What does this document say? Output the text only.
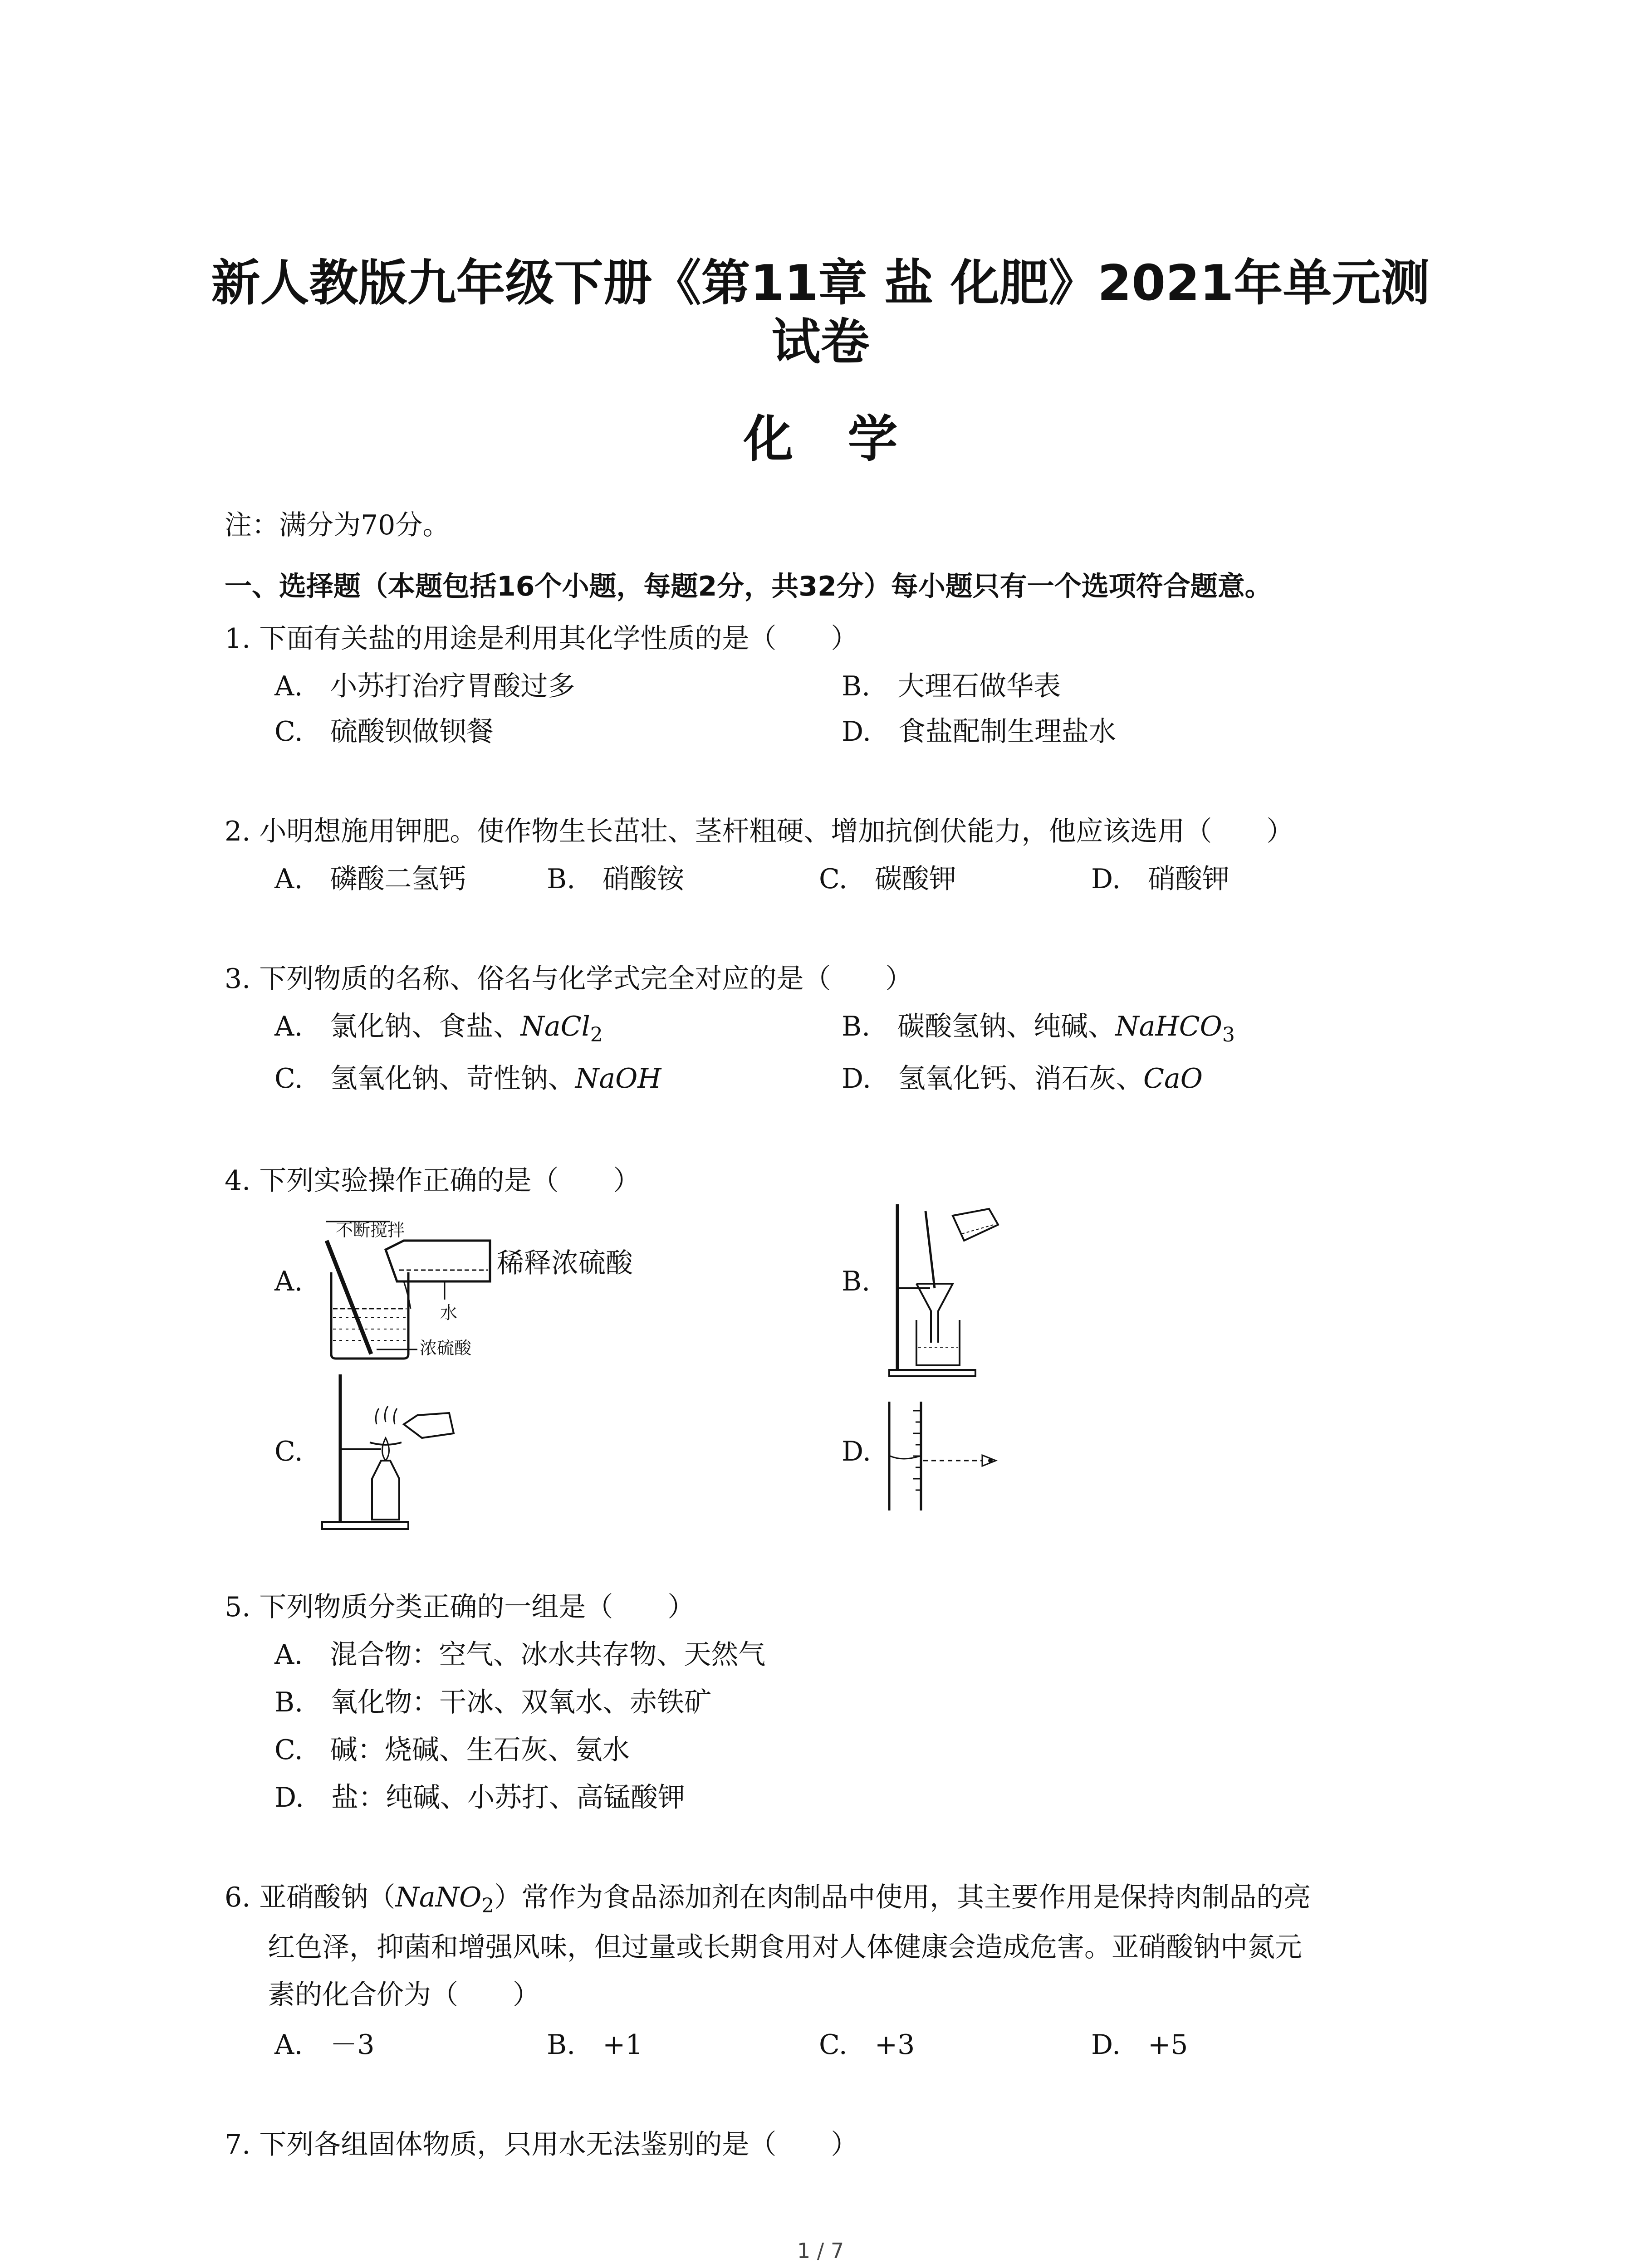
新人教版九年级下册《第11章 盐 化肥》2021年单元测
试卷
化学
注：满分为70分。
一、选择题（本题包括16个小题，每题2分，共32分）每小题只有一个选项符合题意。
1. 下面有关盐的用途是利用其化学性质的是（　　）
A.　小苏打治疗胃酸过多	B.　大理石做华表
C.　硫酸钡做钡餐	D.　食盐配制生理盐水
2. 小明想施用钾肥。使作物生长茁壮、茎杆粗硬、增加抗倒伏能力，他应该选用（　　）
A.　磷酸二氢钙	B.　硝酸铵	C.　碳酸钾	D.　硝酸钾
3. 下列物质的名称、俗名与化学式完全对应的是（　　）
A.　氯化钠、食盐、NaCl$_2$	B.　碳酸氢钠、纯碱、NaHCO$_3$
C.　氢氧化钠、苛性钠、NaOH	D.　氢氧化钙、消石灰、CaO
4. 下列实验操作正确的是（　　）
A.	B.
C.	D.
不断搅拌
水
浓硫酸
稀释浓硫酸
5. 下列物质分类正确的一组是（　　）
A.　混合物：空气、冰水共存物、天然气
B.　氧化物：干冰、双氧水、赤铁矿
C.　碱：烧碱、生石灰、氨水
D.　盐：纯碱、小苏打、高锰酸钾
6. 亚硝酸钠（NaNO$_2$）常作为食品添加剂在肉制品中使用，其主要作用是保持肉制品的亮
红色泽，抑菌和增强风味，但过量或长期食用对人体健康会造成危害。亚硝酸钠中氮元
素的化合价为（　　）
A.　－3	B.　+1	C.　+3	D.　+5
7. 下列各组固体物质，只用水无法鉴别的是（　　）
1 / 7
